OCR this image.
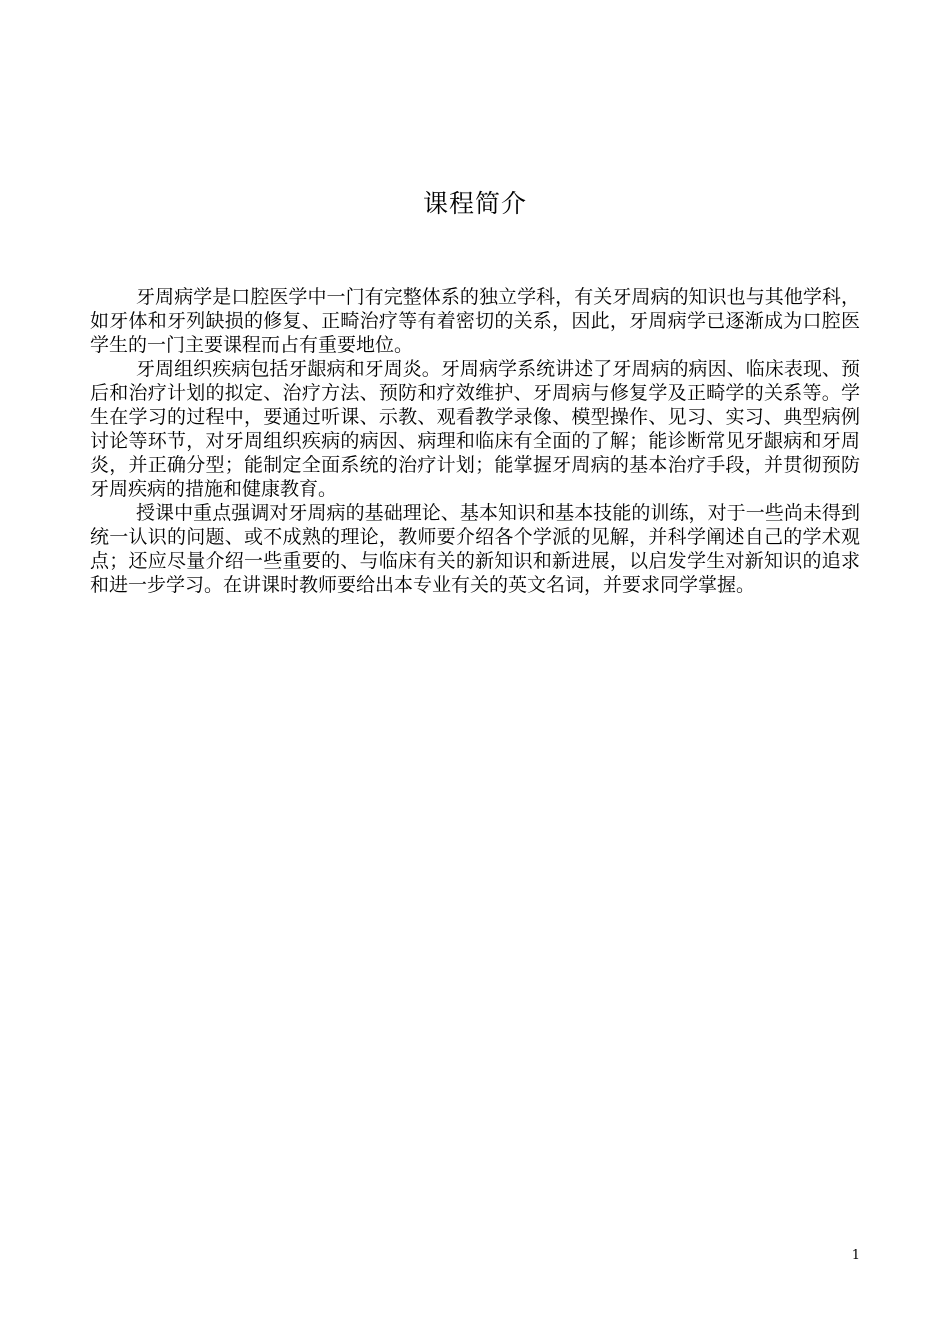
课程简介

牙周病学是口腔医学中一门有完整体系的独立学科，有关牙周病的知识也与其他学科，如牙体和牙列缺损的修复、正畸治疗等有着密切的关系，因此，牙周病学已逐渐成为口腔医学生的一门主要课程而占有重要地位。

牙周组织疾病包括牙龈病和牙周炎。牙周病学系统讲述了牙周病的病因、临床表现、预后和治疗计划的拟定、治疗方法、预防和疗效维护、牙周病与修复学及正畸学的关系等。学生在学习的过程中，要通过听课、示教、观看教学录像、模型操作、见习、实习、典型病例讨论等环节，对牙周组织疾病的病因、病理和临床有全面的了解；能诊断常见牙龈病和牙周炎，并正确分型；能制定全面系统的治疗计划；能掌握牙周病的基本治疗手段，并贯彻预防牙周疾病的措施和健康教育。

授课中重点强调对牙周病的基础理论、基本知识和基本技能的训练，对于一些尚未得到统一认识的问题、或不成熟的理论，教师要介绍各个学派的见解，并科学阐述自己的学术观点；还应尽量介绍一些重要的、与临床有关的新知识和新进展，以启发学生对新知识的追求和进一步学习。在讲课时教师要给出本专业有关的英文名词，并要求同学掌握。

1
